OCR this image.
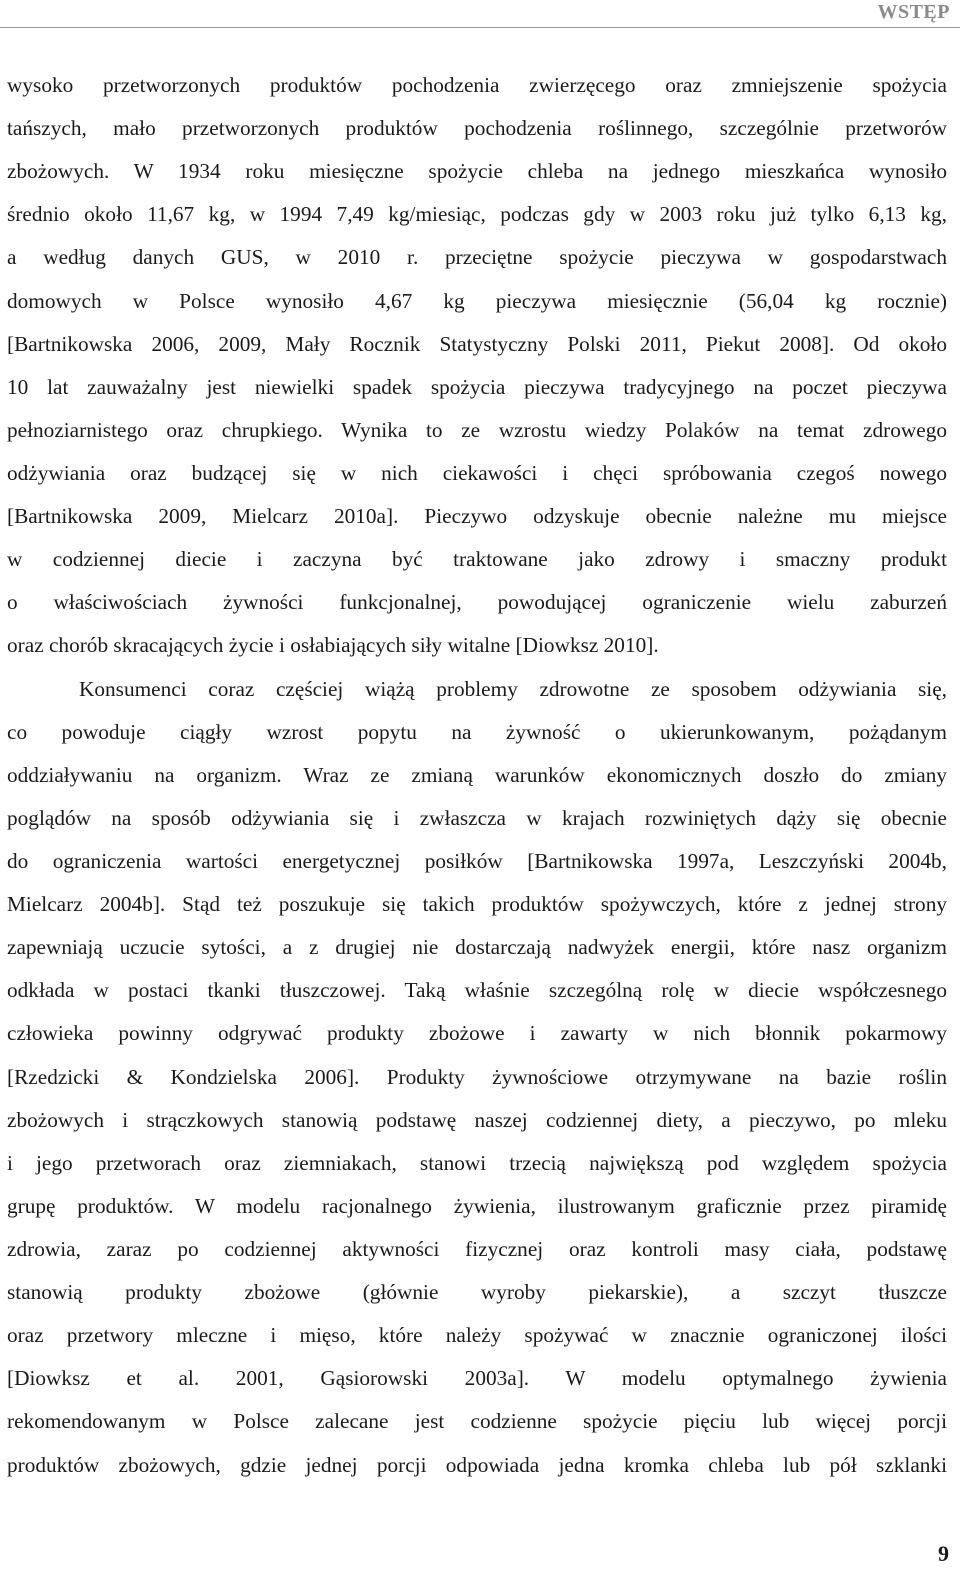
WSTĘP
wysoko przetworzonych produktów pochodzenia zwierzęcego oraz zmniejszenie spożycia
tańszych, mało przetworzonych produktów pochodzenia roślinnego, szczególnie przetworów
zbożowych. W 1934 roku miesięczne spożycie chleba na jednego mieszkańca wynosiło
średnio około 11,67 kg, w 1994 7,49 kg/miesiąc, podczas gdy w 2003 roku już tylko 6,13 kg,
a według danych GUS, w 2010 r. przeciętne spożycie pieczywa w gospodarstwach
domowych w Polsce wynosiło 4,67 kg pieczywa miesięcznie (56,04 kg rocznie)
[Bartnikowska 2006, 2009, Mały Rocznik Statystyczny Polski 2011, Piekut 2008]. Od około
10 lat zauważalny jest niewielki spadek spożycia pieczywa tradycyjnego na poczet pieczywa
pełnoziarnistego oraz chrupkiego. Wynika to ze wzrostu wiedzy Polaków na temat zdrowego
odżywiania oraz budzącej się w nich ciekawości i chęci spróbowania czegoś nowego
[Bartnikowska 2009, Mielcarz 2010a]. Pieczywo odzyskuje obecnie należne mu miejsce
w codziennej diecie i zaczyna być traktowane jako zdrowy i smaczny produkt
o właściwościach żywności funkcjonalnej, powodującej ograniczenie wielu zaburzeń
oraz chorób skracających życie i osłabiających siły witalne [Diowksz 2010].
Konsumenci coraz częściej wiążą problemy zdrowotne ze sposobem odżywiania się,
co powoduje ciągły wzrost popytu na żywność o ukierunkowanym, pożądanym
oddziaływaniu na organizm. Wraz ze zmianą warunków ekonomicznych doszło do zmiany
poglądów na sposób odżywiania się i zwłaszcza w krajach rozwiniętych dąży się obecnie
do ograniczenia wartości energetycznej posiłków [Bartnikowska 1997a, Leszczyński 2004b,
Mielcarz 2004b]. Stąd też poszukuje się takich produktów spożywczych, które z jednej strony
zapewniają uczucie sytości, a z drugiej nie dostarczają nadwyżek energii, które nasz organizm
odkłada w postaci tkanki tłuszczowej. Taką właśnie szczególną rolę w diecie współczesnego
człowieka powinny odgrywać produkty zbożowe i zawarty w nich błonnik pokarmowy
[Rzedzicki & Kondzielska 2006]. Produkty żywnościowe otrzymywane na bazie roślin
zbożowych i strączkowych stanowią podstawę naszej codziennej diety, a pieczywo, po mleku
i jego przetworach oraz ziemniakach, stanowi trzecią największą pod względem spożycia
grupę produktów. W modelu racjonalnego żywienia, ilustrowanym graficznie przez piramidę
zdrowia, zaraz po codziennej aktywności fizycznej oraz kontroli masy ciała, podstawę
stanowią produkty zbożowe (głównie wyroby piekarskie), a szczyt tłuszcze
oraz przetwory mleczne i mięso, które należy spożywać w znacznie ograniczonej ilości
[Diowksz et al. 2001, Gąsiorowski 2003a]. W modelu optymalnego żywienia
rekomendowanym w Polsce zalecane jest codzienne spożycie pięciu lub więcej porcji
produktów zbożowych, gdzie jednej porcji odpowiada jedna kromka chleba lub pół szklanki
9
